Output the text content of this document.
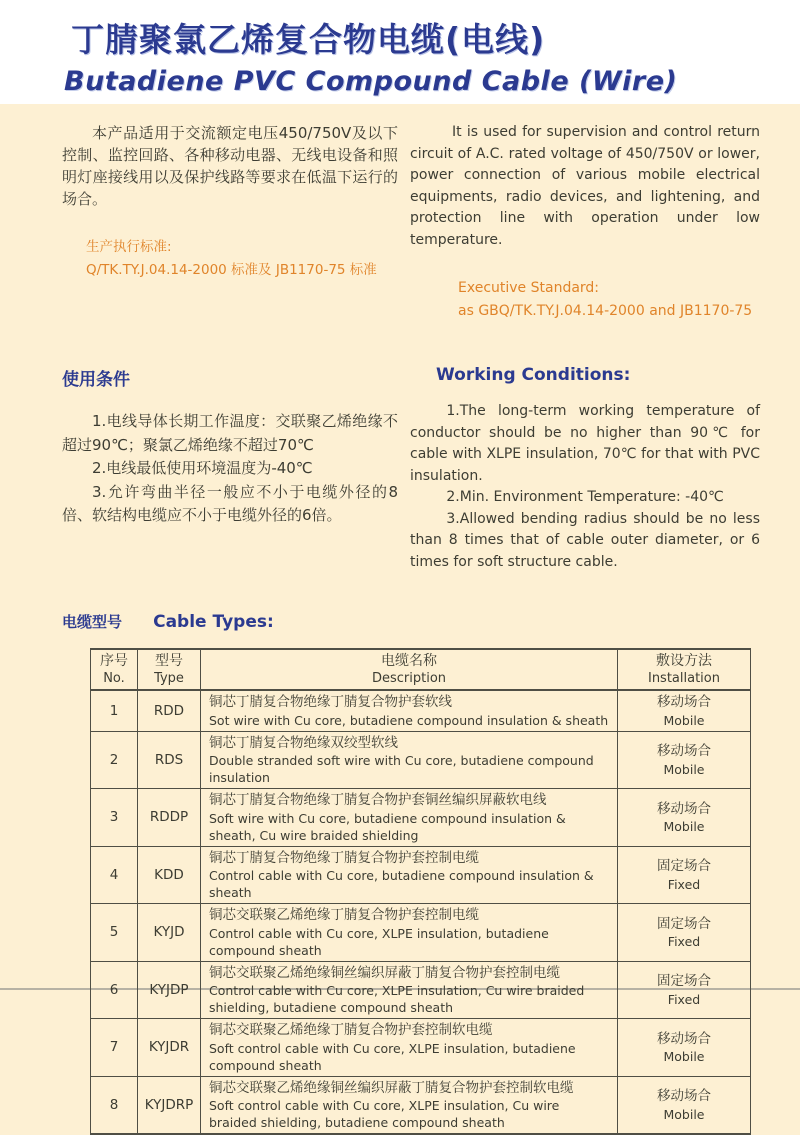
丁腈聚氯乙烯复合物电缆(电线)
Butadiene PVC Compound Cable (Wire)

本产品适用于交流额定电压450/750V及以下控制、监控回路、各种移动电器、无线电设备和照明灯座接线用以及保护线路等要求在低温下运行的场合。

生产执行标准:
Q/TK.TY.J.04.14-2000 标准及 JB1170-75 标准

It is used for supervision and control return circuit of A.C. rated voltage of 450/750V or lower, power connection of various mobile electrical equipments, radio devices, and lightening, and protection line with operation under low temperature.

Executive Standard:
as GBQ/TK.TY.J.04.14-2000 and JB1170-75
使用条件

1.电线导体长期工作温度：交联聚乙烯绝缘不超过90℃；聚氯乙烯绝缘不超过70℃

2.电线最低使用环境温度为-40℃

3.允许弯曲半径一般应不小于电缆外径的8倍、软结构电缆应不小于电缆外径的6倍。

Working Conditions:

1.The long-term working temperature of conductor should be no higher than 90℃ for cable with XLPE insulation, 70℃ for that with PVC insulation.

2.Min. Environment Temperature: -40℃

3.Allowed bending radius should be no less than 8 times that of cable outer diameter, or 6 times for soft structure cable.

电缆型号 Cable Types:
序号
No.	型号
Type	电缆名称
Description	敷设方法
Installation

1	RDD	铜芯丁腈复合物绝缘丁腈复合物护套软线
Sot wire with Cu core, butadiene compound insulation & sheath	移动场合
Mobile

2	RDS	铜芯丁腈复合物绝缘双绞型软线
Double stranded soft wire with Cu core, butadiene compound insulation	移动场合
Mobile

3	RDDP	铜芯丁腈复合物绝缘丁腈复合物护套铜丝编织屏蔽软电线
Soft wire with Cu core, butadiene compound insulation & sheath, Cu wire braided shielding	移动场合
Mobile

4	KDD	铜芯丁腈复合物绝缘丁腈复合物护套控制电缆
Control cable with Cu core, butadiene compound insulation & sheath	固定场合
Fixed

5	KYJD	铜芯交联聚乙烯绝缘丁腈复合物护套控制电缆
Control cable with Cu core, XLPE insulation, butadiene compound sheath	固定场合
Fixed

6	KYJDP	铜芯交联聚乙烯绝缘铜丝编织屏蔽丁腈复合物护套控制电缆
Control cable with Cu core, XLPE insulation, Cu wire braided shielding, butadiene compound sheath	固定场合
Fixed

7	KYJDR	铜芯交联聚乙烯绝缘丁腈复合物护套控制软电缆
Soft control cable with Cu core, XLPE insulation, butadiene compound sheath	移动场合
Mobile

8	KYJDRP	铜芯交联聚乙烯绝缘铜丝编织屏蔽丁腈复合物护套控制软电缆
Soft control cable with Cu core, XLPE insulation, Cu wire braided shielding, butadiene compound sheath	移动场合
Mobile
